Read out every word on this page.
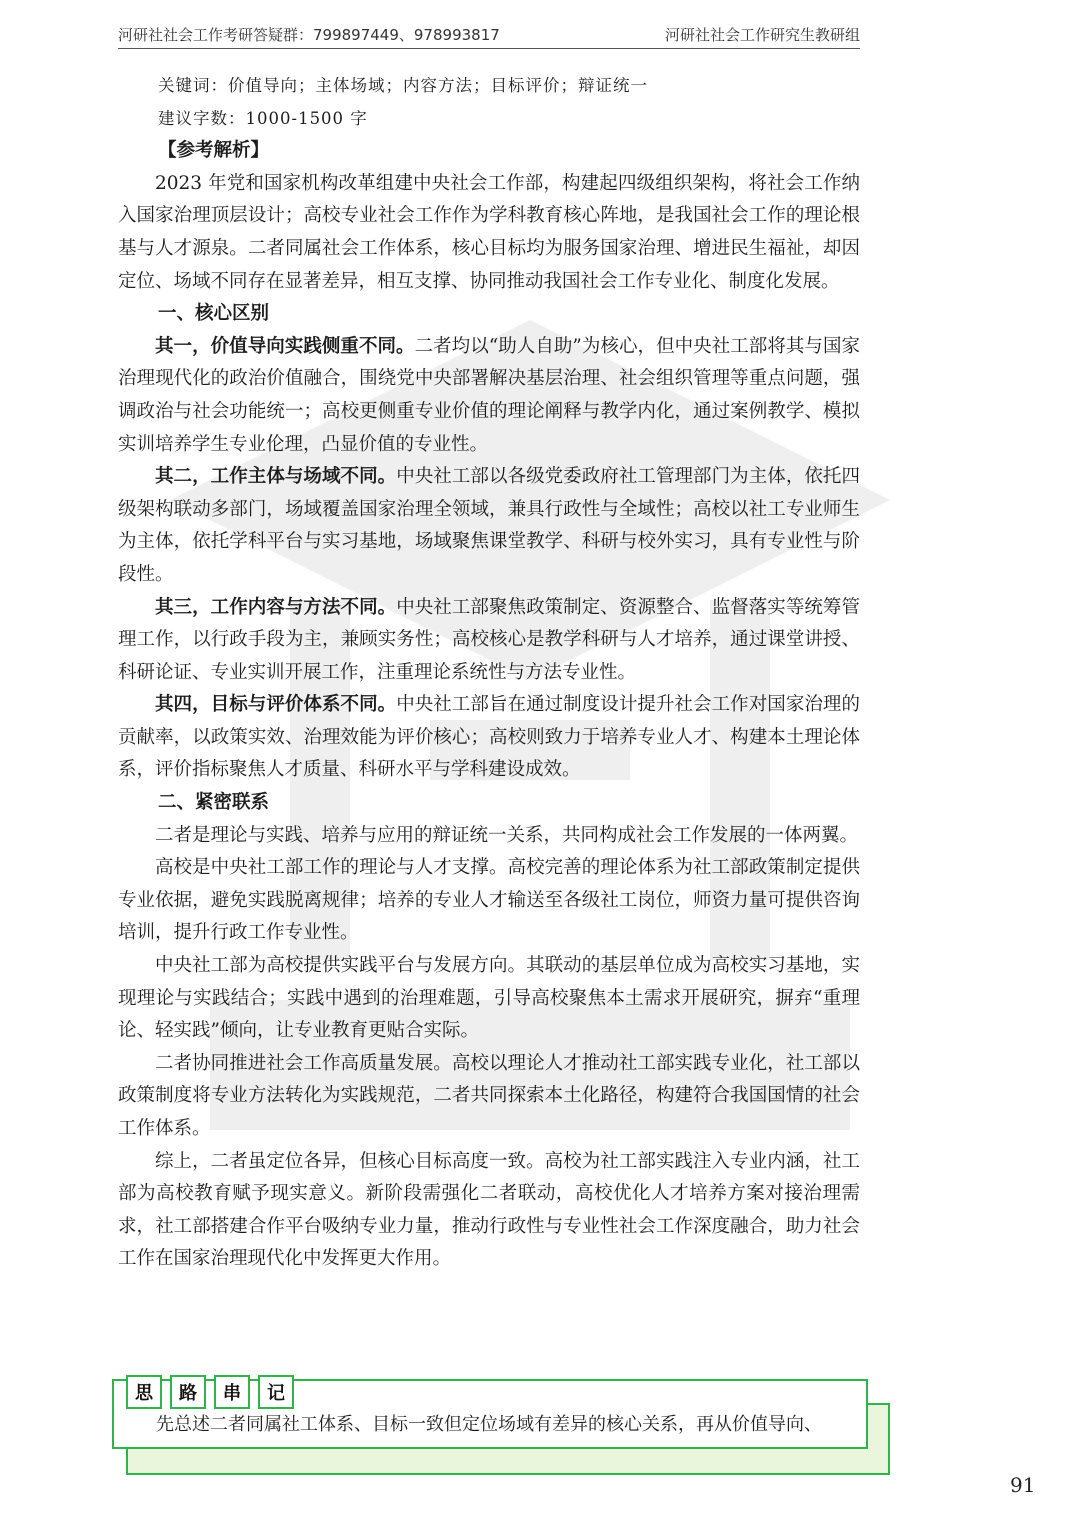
河研社社会工作考研答疑群：799897449、978993817	河研社社会工作研究生教研组

关键词：价值导向；主体场域；内容方法；目标评价；辩证统一

建议字数：1000-1500 字

【参考解析】

2023 年党和国家机构改革组建中央社会工作部，构建起四级组织架构，将社会工作纳入国家治理顶层设计；高校专业社会工作作为学科教育核心阵地，是我国社会工作的理论根基与人才源泉。二者同属社会工作体系，核心目标均为服务国家治理、增进民生福祉，却因定位、场域不同存在显著差异，相互支撑、协同推动我国社会工作专业化、制度化发展。

一、核心区别

其一，价值导向实践侧重不同。二者均以“助人自助”为核心，但中央社工部将其与国家治理现代化的政治价值融合，围绕党中央部署解决基层治理、社会组织管理等重点问题，强调政治与社会功能统一；高校更侧重专业价值的理论阐释与教学内化，通过案例教学、模拟实训培养学生专业伦理，凸显价值的专业性。

其二，工作主体与场域不同。中央社工部以各级党委政府社工管理部门为主体，依托四级架构联动多部门，场域覆盖国家治理全领域，兼具行政性与全域性；高校以社工专业师生为主体，依托学科平台与实习基地，场域聚焦课堂教学、科研与校外实习，具有专业性与阶段性。

其三，工作内容与方法不同。中央社工部聚焦政策制定、资源整合、监督落实等统筹管理工作，以行政手段为主，兼顾实务性；高校核心是教学科研与人才培养，通过课堂讲授、科研论证、专业实训开展工作，注重理论系统性与方法专业性。

其四，目标与评价体系不同。中央社工部旨在通过制度设计提升社会工作对国家治理的贡献率，以政策实效、治理效能为评价核心；高校则致力于培养专业人才、构建本土理论体系，评价指标聚焦人才质量、科研水平与学科建设成效。

二、紧密联系

二者是理论与实践、培养与应用的辩证统一关系，共同构成社会工作发展的一体两翼。

高校是中央社工部工作的理论与人才支撑。高校完善的理论体系为社工部政策制定提供专业依据，避免实践脱离规律；培养的专业人才输送至各级社工岗位，师资力量可提供咨询培训，提升行政工作专业性。

中央社工部为高校提供实践平台与发展方向。其联动的基层单位成为高校实习基地，实现理论与实践结合；实践中遇到的治理难题，引导高校聚焦本土需求开展研究，摒弃“重理论、轻实践”倾向，让专业教育更贴合实际。

二者协同推进社会工作高质量发展。高校以理论人才推动社工部实践专业化，社工部以政策制度将专业方法转化为实践规范，二者共同探索本土化路径，构建符合我国国情的社会工作体系。

综上，二者虽定位各异，但核心目标高度一致。高校为社工部实践注入专业内涵，社工部为高校教育赋予现实意义。新阶段需强化二者联动，高校优化人才培养方案对接治理需求，社工部搭建合作平台吸纳专业力量，推动行政性与专业性社会工作深度融合，助力社会工作在国家治理现代化中发挥更大作用。

思	路	串	记
先总述二者同属社工体系、目标一致但定位场域有差异的核心关系，再从价值导向、
91
